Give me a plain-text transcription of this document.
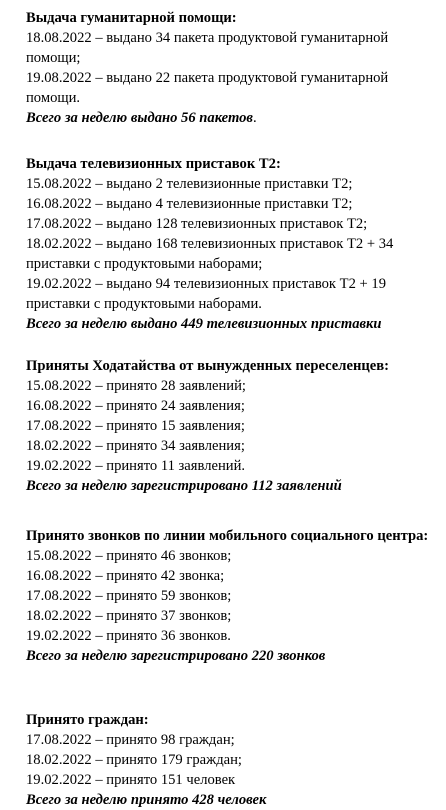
Выдача гуманитарной помощи:

18.08.2022 – выдано 34 пакета продуктовой гуманитарной помощи;

19.08.2022 – выдано 22 пакета продуктовой гуманитарной помощи.

Всего за неделю выдано 56 пакетов.

Выдача телевизионных приставок Т2:

15.08.2022 – выдано 2 телевизионные приставки Т2;

16.08.2022 – выдано 4 телевизионные приставки Т2;

17.08.2022 – выдано 128 телевизионных приставок Т2;

18.02.2022 – выдано 168 телевизионных приставок Т2 + 34 приставки с продуктовыми наборами;

19.02.2022 – выдано 94 телевизионных приставок Т2 + 19 приставки с продуктовыми наборами.

Всего за неделю выдано 449 телевизионных приставки

Приняты Ходатайства от вынужденных переселенцев:

15.08.2022 – принято 28 заявлений;

16.08.2022 – принято 24 заявления;

17.08.2022 – принято 15 заявления;

18.02.2022 – принято 34 заявления;

19.02.2022 – принято 11 заявлений.

Всего за неделю зарегистрировано 112 заявлений

Принято звонков по линии мобильного социального центра:

15.08.2022 – принято 46 звонков;

16.08.2022 – принято 42 звонка;

17.08.2022 – принято 59 звонков;

18.02.2022 – принято 37 звонков;

19.02.2022 – принято 36 звонков.

Всего за неделю зарегистрировано 220 звонков

Принято граждан:

17.08.2022 – принято 98 граждан;

18.02.2022 – принято 179 граждан;

19.02.2022 – принято 151 человек

Всего за неделю принято 428 человек
